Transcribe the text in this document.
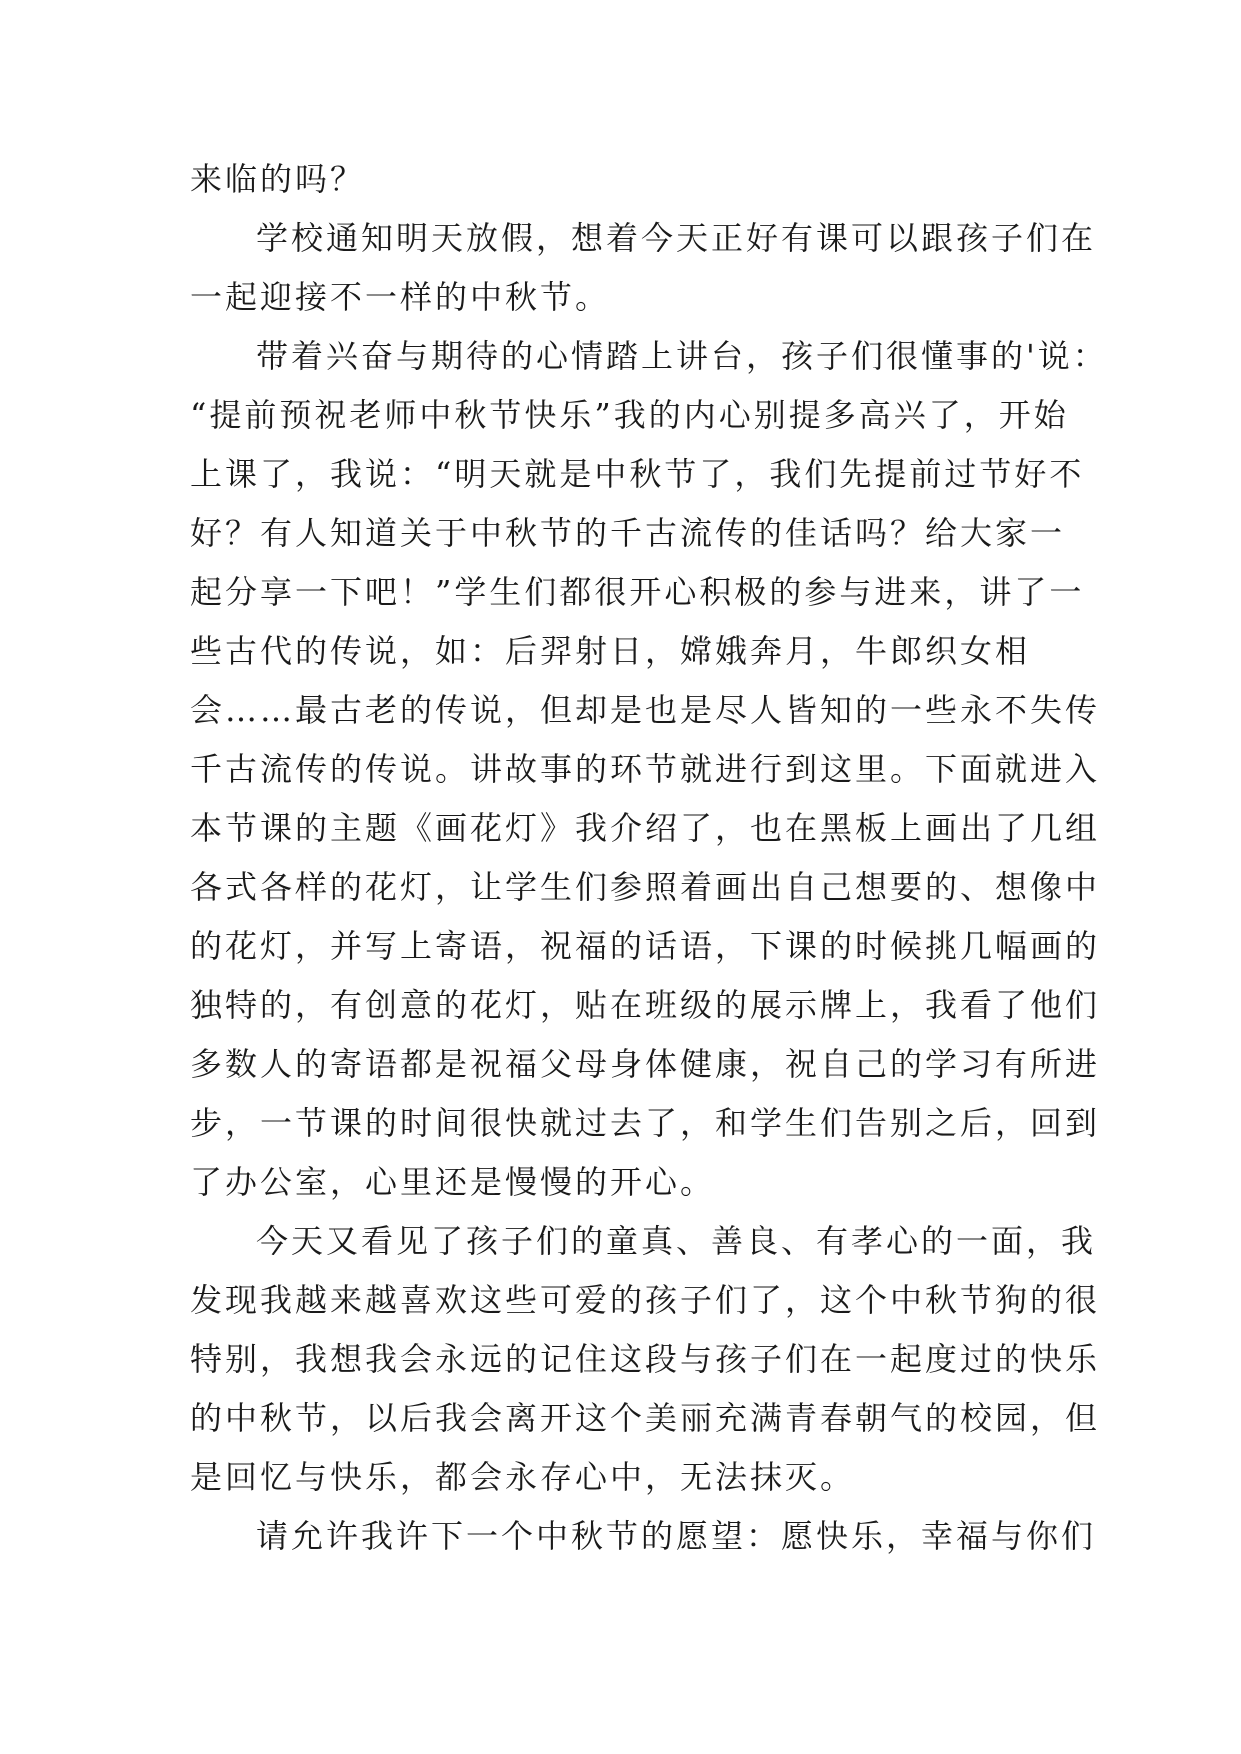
来临的吗？
学校通知明天放假，想着今天正好有课可以跟孩子们在
一起迎接不一样的中秋节。
带着兴奋与期待的心情踏上讲台，孩子们很懂事的'说：
“提前预祝老师中秋节快乐”我的内心别提多高兴了，开始
上课了，我说：“明天就是中秋节了，我们先提前过节好不
好？有人知道关于中秋节的千古流传的佳话吗？给大家一
起分享一下吧！”学生们都很开心积极的参与进来，讲了一
些古代的传说，如：后羿射日，嫦娥奔月，牛郎织女相
会……最古老的传说，但却是也是尽人皆知的一些永不失传
千古流传的传说。讲故事的环节就进行到这里。下面就进入
本节课的主题《画花灯》我介绍了，也在黑板上画出了几组
各式各样的花灯，让学生们参照着画出自己想要的、想像中
的花灯，并写上寄语，祝福的话语，下课的时候挑几幅画的
独特的，有创意的花灯，贴在班级的展示牌上，我看了他们
多数人的寄语都是祝福父母身体健康，祝自己的学习有所进
步，一节课的时间很快就过去了，和学生们告别之后，回到
了办公室，心里还是慢慢的开心。
今天又看见了孩子们的童真、善良、有孝心的一面，我
发现我越来越喜欢这些可爱的孩子们了，这个中秋节狗的很
特别，我想我会永远的记住这段与孩子们在一起度过的快乐
的中秋节，以后我会离开这个美丽充满青春朝气的校园，但
是回忆与快乐，都会永存心中，无法抹灭。
请允许我许下一个中秋节的愿望：愿快乐，幸福与你们
